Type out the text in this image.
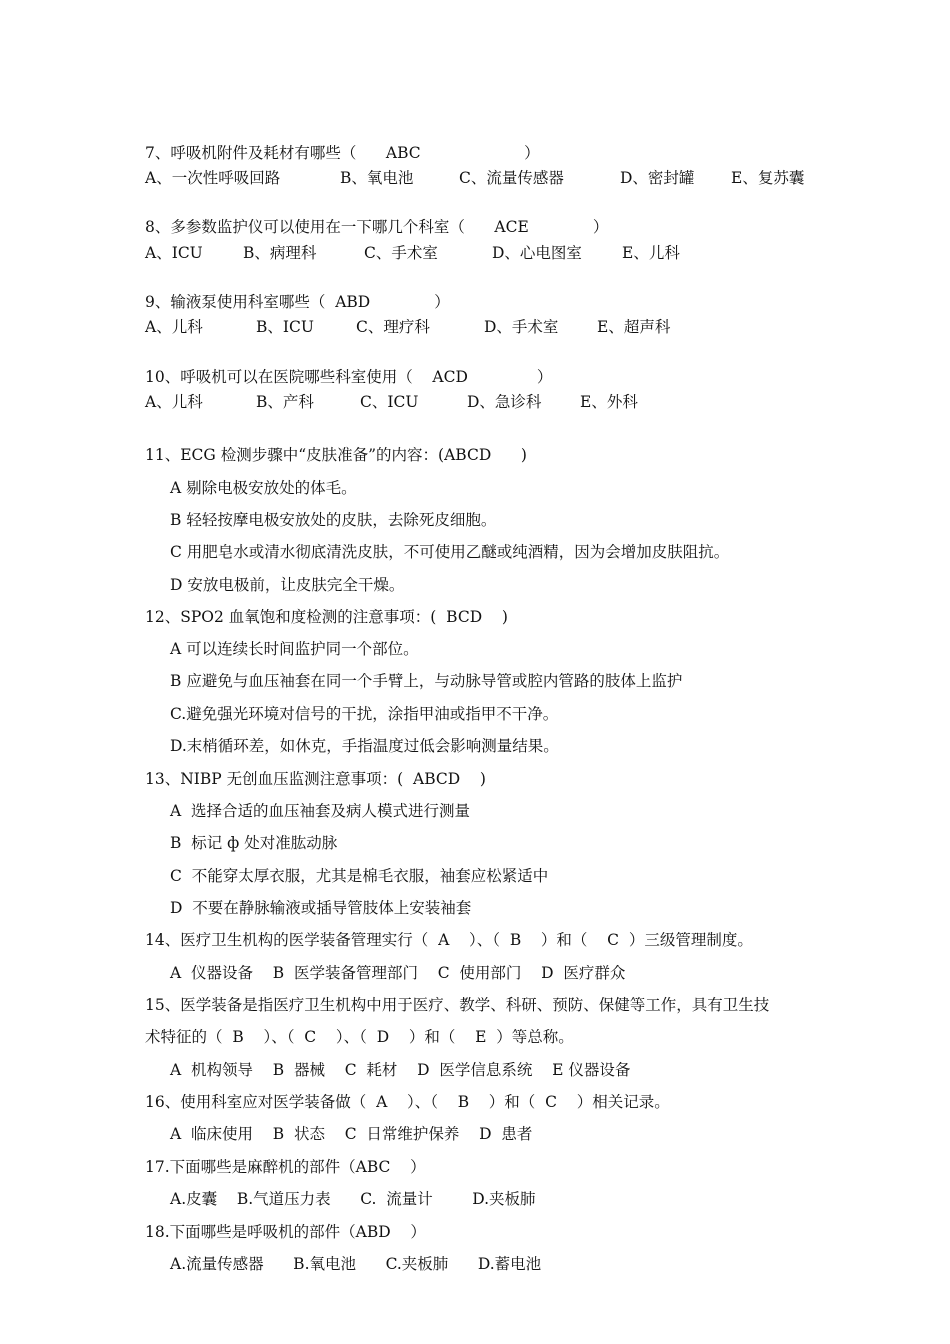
7、呼吸机附件及耗材有哪些（      ABC                     ）
A、一次性呼吸回路	B、氧电池	C、流量传感器	D、密封罐 E、复苏囊
8、多参数监护仪可以使用在一下哪几个科室（      ACE             ）
A、ICU	B、病理科	C、手术室	D、心电图室	E、儿科
9、输液泵使用科室哪些（  ABD             ）
A、儿科	B、ICU	C、理疗科	D、手术室 E、超声科
10、呼吸机可以在医院哪些科室使用（    ACD              ）
A、儿科	B、产科	C、ICU	D、急诊科 E、外科
11、ECG 检测步骤中“皮肤准备”的内容：(ABCD      )
A 剔除电极安放处的体毛。
B 轻轻按摩电极安放处的皮肤，去除死皮细胞。
C 用肥皂水或清水彻底清洗皮肤，不可使用乙醚或纯酒精，因为会增加皮肤阻抗。
D 安放电极前，让皮肤完全干燥。
12、SPO2 血氧饱和度检测的注意事项：(  BCD    )
A 可以连续长时间监护同一个部位。
B 应避免与血压袖套在同一个手臂上，与动脉导管或腔内管路的肢体上监护
C.避免强光环境对信号的干扰，涂指甲油或指甲不干净。
D.末梢循环差，如休克，手指温度过低会影响测量结果。
13、NIBP 无创血压监测注意事项：(  ABCD    )
A  选择合适的血压袖套及病人模式进行测量
B  标记 ф 处对准肱动脉
C  不能穿太厚衣服，尤其是棉毛衣服，袖套应松紧适中
D  不要在静脉输液或插导管肢体上安装袖套
14、医疗卫生机构的医学装备管理实行（  A    ）、（  B    ）和（    C  ）三级管理制度。
A  仪器设备    B  医学装备管理部门    C  使用部门    D  医疗群众
15、医学装备是指医疗卫生机构中用于医疗、教学、科研、预防、保健等工作，具有卫生技
术特征的（  B    ）、（  C    ）、（  D    ）和（    E  ）等总称。
A  机构领导    B  器械    C  耗材    D  医学信息系统    E 仪器设备
16、使用科室应对医学装备做（  A    ）、（    B    ）和（  C    ）相关记录。
A  临床使用    B  状态    C  日常维护保养    D  患者
17.下面哪些是麻醉机的部件（ABC    ）
A.皮囊    B.气道压力表      C.  流量计        D.夹板肺
18.下面哪些是呼吸机的部件（ABD    ）
A.流量传感器      B.氧电池      C.夹板肺      D.蓄电池
